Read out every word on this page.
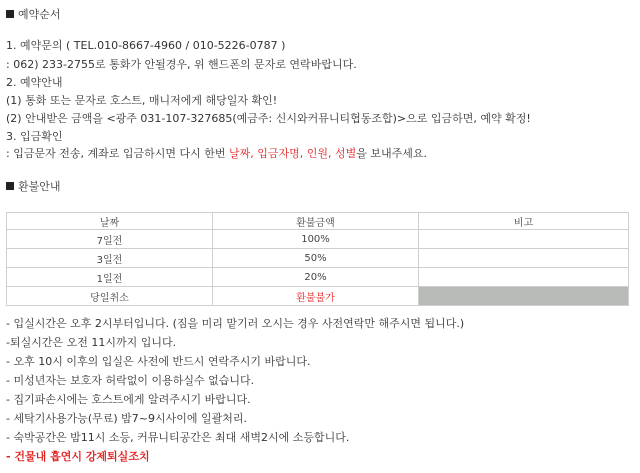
예약순서
1. 예약문의 ( TEL.010-8667-4960 / 010-5226-0787 )
: 062) 233-2755로 통화가 안될경우, 위 핸드폰의 문자로 연락바랍니다.
2. 예약안내
(1) 통화 또는 문자로 호스트, 매니저에게 해당일자 확인!
(2) 안내받은 금액을 <광주 031-107-327685(예금주: 신시와커뮤니티협동조합)>으로 입금하면, 예약 확정!
3. 입금확인
: 입금문자 전송, 계좌로 입금하시면 다시 한번 날짜, 입금자명, 인원, 성별을 보내주세요.
환불안내
날짜	환불금액	비고
7일전	100%	
3일전	50%	
1일전	20%	
당일취소	환불불가	
- 입실시간은 오후 2시부터입니다. (짐을 미리 맡기러 오시는 경우 사전연락만 해주시면 됩니다.)
-퇴실시간은 오전 11시까지 입니다.
- 오후 10시 이후의 입실은 사전에 반드시 연락주시기 바랍니다.
- 미성년자는 보호자 허락없이 이용하실수 없습니다.
- 집기파손시에는 호스트에게 알려주시기 바랍니다.
- 세탁기사용가능(무료) 밤7~9시사이에 일괄처리.
- 숙박공간은 밤11시 소등, 커뮤니티공간은 최대 새벽2시에 소등합니다.
- 건물내 흡연시 강제퇴실조치
